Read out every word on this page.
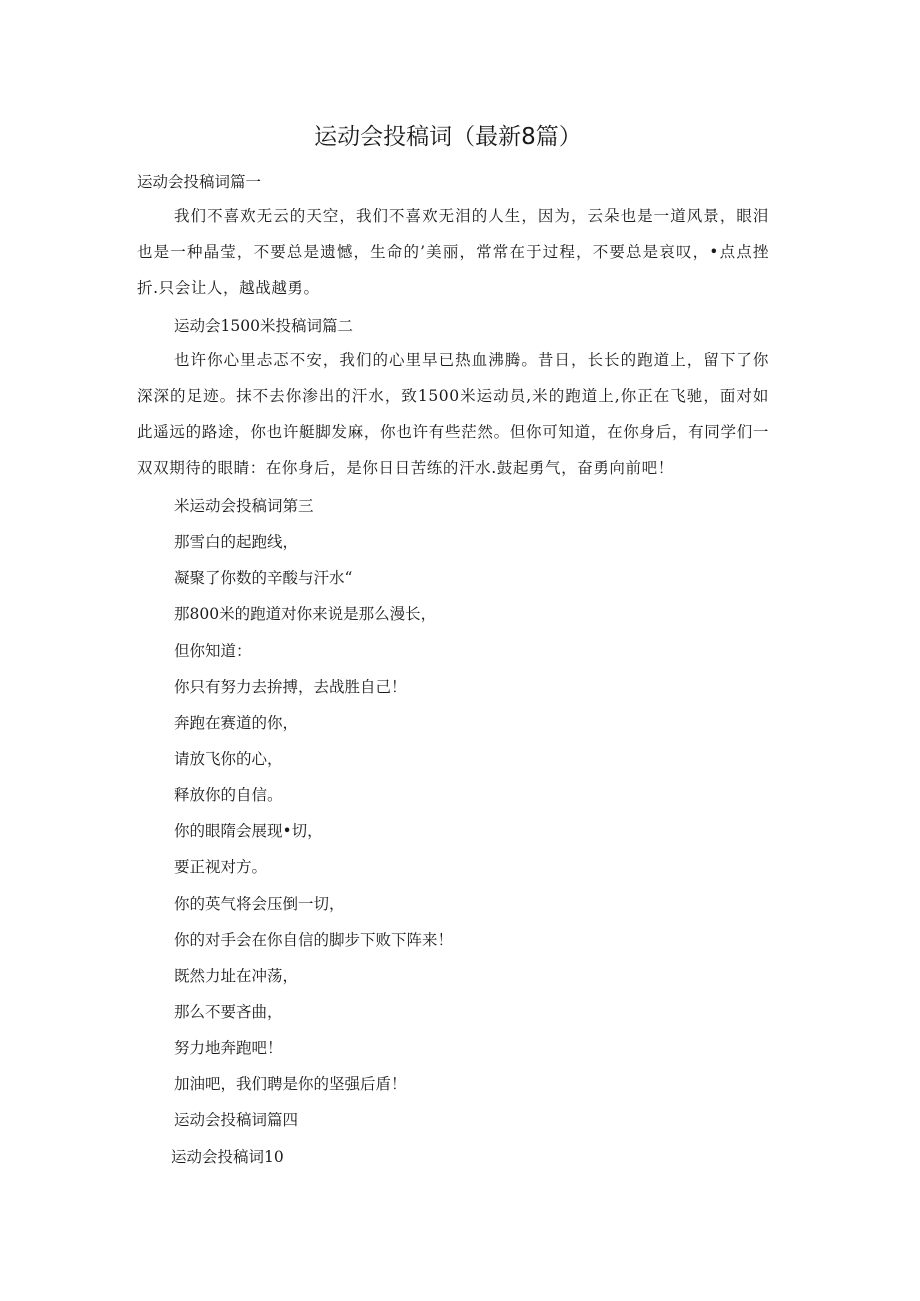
运动会投稿词（最新8篇）

运动会投稿词篇一

我们不喜欢无云的天空，我们不喜欢无泪的人生，因为，云朵也是一道风景，眼泪也是一种晶莹，不要总是遗憾，生命的’美丽，常常在于过程，不要总是哀叹，•点点挫折.只会让人，越战越勇。

运动会1500米投稿词篇二

也许你心里忐忑不安，我们的心里早已热血沸腾。昔日，长长的跑道上，留下了你深深的足迹。抹不去你渗出的汗水，致1500米运动员,米的跑道上,你正在飞驰，面对如此遥远的路途，你也许艇脚发麻，你也许有些茫然。但你可知道，在你身后，有同学们一双双期待的眼睛：在你身后，是你日日苦练的汗水.鼓起勇气，奋勇向前吧！

米运动会投稿词第三

那雪白的起跑线，

凝聚了你数的辛酸与汗水“

那800米的跑道对你来说是那么漫长，

但你知道：

你只有努力去拚搏，去战胜自己！

奔跑在赛道的你，

请放飞你的心，

释放你的自信。

你的眼隋会展现•切，

要正视对方。

你的英气将会压倒一切，

你的对手会在你自信的脚步下败下阵来！

既然力址在冲荡，

那么不要吝曲，

努力地奔跑吧！

加油吧，我们聘是你的坚强后盾！

运动会投稿词篇四

运动会投稿词10
